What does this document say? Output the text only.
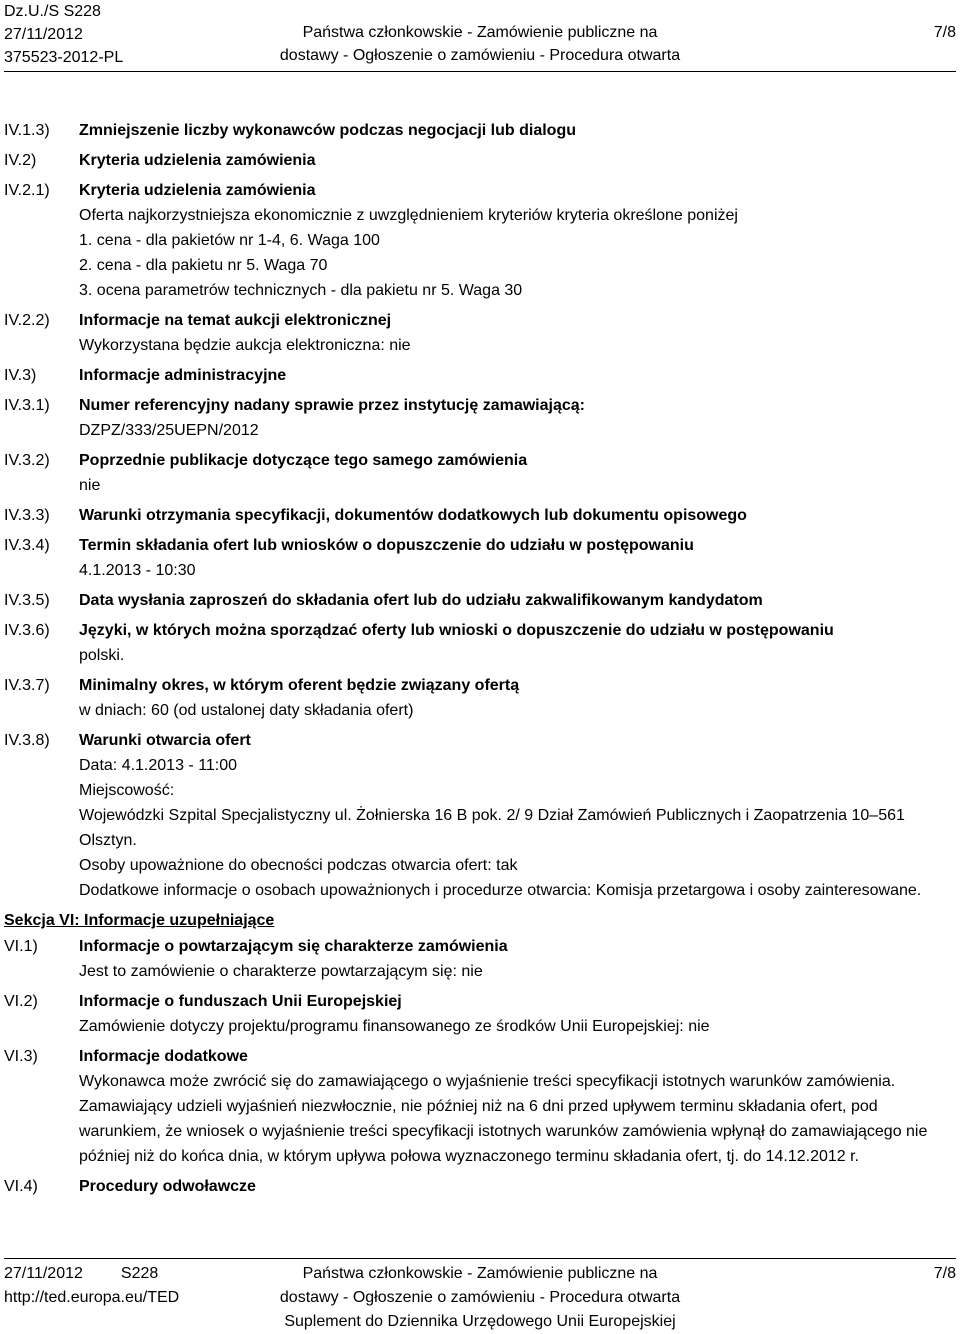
Dz.U./S S228
27/11/2012
375523-2012-PL
Państwa członkowskie - Zamówienie publiczne na
dostawy - Ogłoszenie o zamówieniu - Procedura otwarta
7/8
IV.1.3)	Zmniejszenie liczby wykonawców podczas negocjacji lub dialogu
IV.2)	Kryteria udzielenia zamówienia
IV.2.1)	Kryteria udzielenia zamówienia
Oferta najkorzystniejsza ekonomicznie z uwzględnieniem kryteriów kryteria określone poniżej
1. cena - dla pakietów nr 1-4, 6. Waga 100
2. cena - dla pakietu nr 5. Waga 70
3. ocena parametrów technicznych - dla pakietu nr 5. Waga 30
IV.2.2)	Informacje na temat aukcji elektronicznej
Wykorzystana będzie aukcja elektroniczna: nie
IV.3)	Informacje administracyjne
IV.3.1)	Numer referencyjny nadany sprawie przez instytucję zamawiającą:
DZPZ/333/25UEPN/2012
IV.3.2)	Poprzednie publikacje dotyczące tego samego zamówienia
nie
IV.3.3)	Warunki otrzymania specyfikacji, dokumentów dodatkowych lub dokumentu opisowego
IV.3.4)	Termin składania ofert lub wniosków o dopuszczenie do udziału w postępowaniu
4.1.2013 - 10:30
IV.3.5)	Data wysłania zaproszeń do składania ofert lub do udziału zakwalifikowanym kandydatom
IV.3.6)	Języki, w których można sporządzać oferty lub wnioski o dopuszczenie do udziału w postępowaniu
polski.
IV.3.7)	Minimalny okres, w którym oferent będzie związany ofertą
w dniach: 60 (od ustalonej daty składania ofert)
IV.3.8)	Warunki otwarcia ofert
Data: 4.1.2013 - 11:00
Miejscowość:
Wojewódzki Szpital Specjalistyczny ul. Żołnierska 16 B pok. 2/ 9 Dział Zamówień Publicznych i Zaopatrzenia 10–561 Olsztyn.
Osoby upoważnione do obecności podczas otwarcia ofert: tak
Dodatkowe informacje o osobach upoważnionych i procedurze otwarcia: Komisja przetargowa i osoby zainteresowane.
Sekcja VI: Informacje uzupełniające
VI.1)	Informacje o powtarzającym się charakterze zamówienia
Jest to zamówienie o charakterze powtarzającym się: nie
VI.2)	Informacje o funduszach Unii Europejskiej
Zamówienie dotyczy projektu/programu finansowanego ze środków Unii Europejskiej: nie
VI.3)	Informacje dodatkowe
Wykonawca może zwrócić się do zamawiającego o wyjaśnienie treści specyfikacji istotnych warunków zamówienia. Zamawiający udzieli wyjaśnień niezwłocznie, nie później niż na 6 dni przed upływem terminu składania ofert, pod warunkiem, że wniosek o wyjaśnienie treści specyfikacji istotnych warunków zamówienia wpłynął do zamawiającego nie później niż do końca dnia, w którym upływa połowa wyznaczonego terminu składania ofert, tj. do 14.12.2012 r.
VI.4)	Procedury odwoławcze
27/11/2012 S228
http://ted.europa.eu/TED
Państwa członkowskie - Zamówienie publiczne na
dostawy - Ogłoszenie o zamówieniu - Procedura otwarta
Suplement do Dziennika Urzędowego Unii Europejskiej
7/8
